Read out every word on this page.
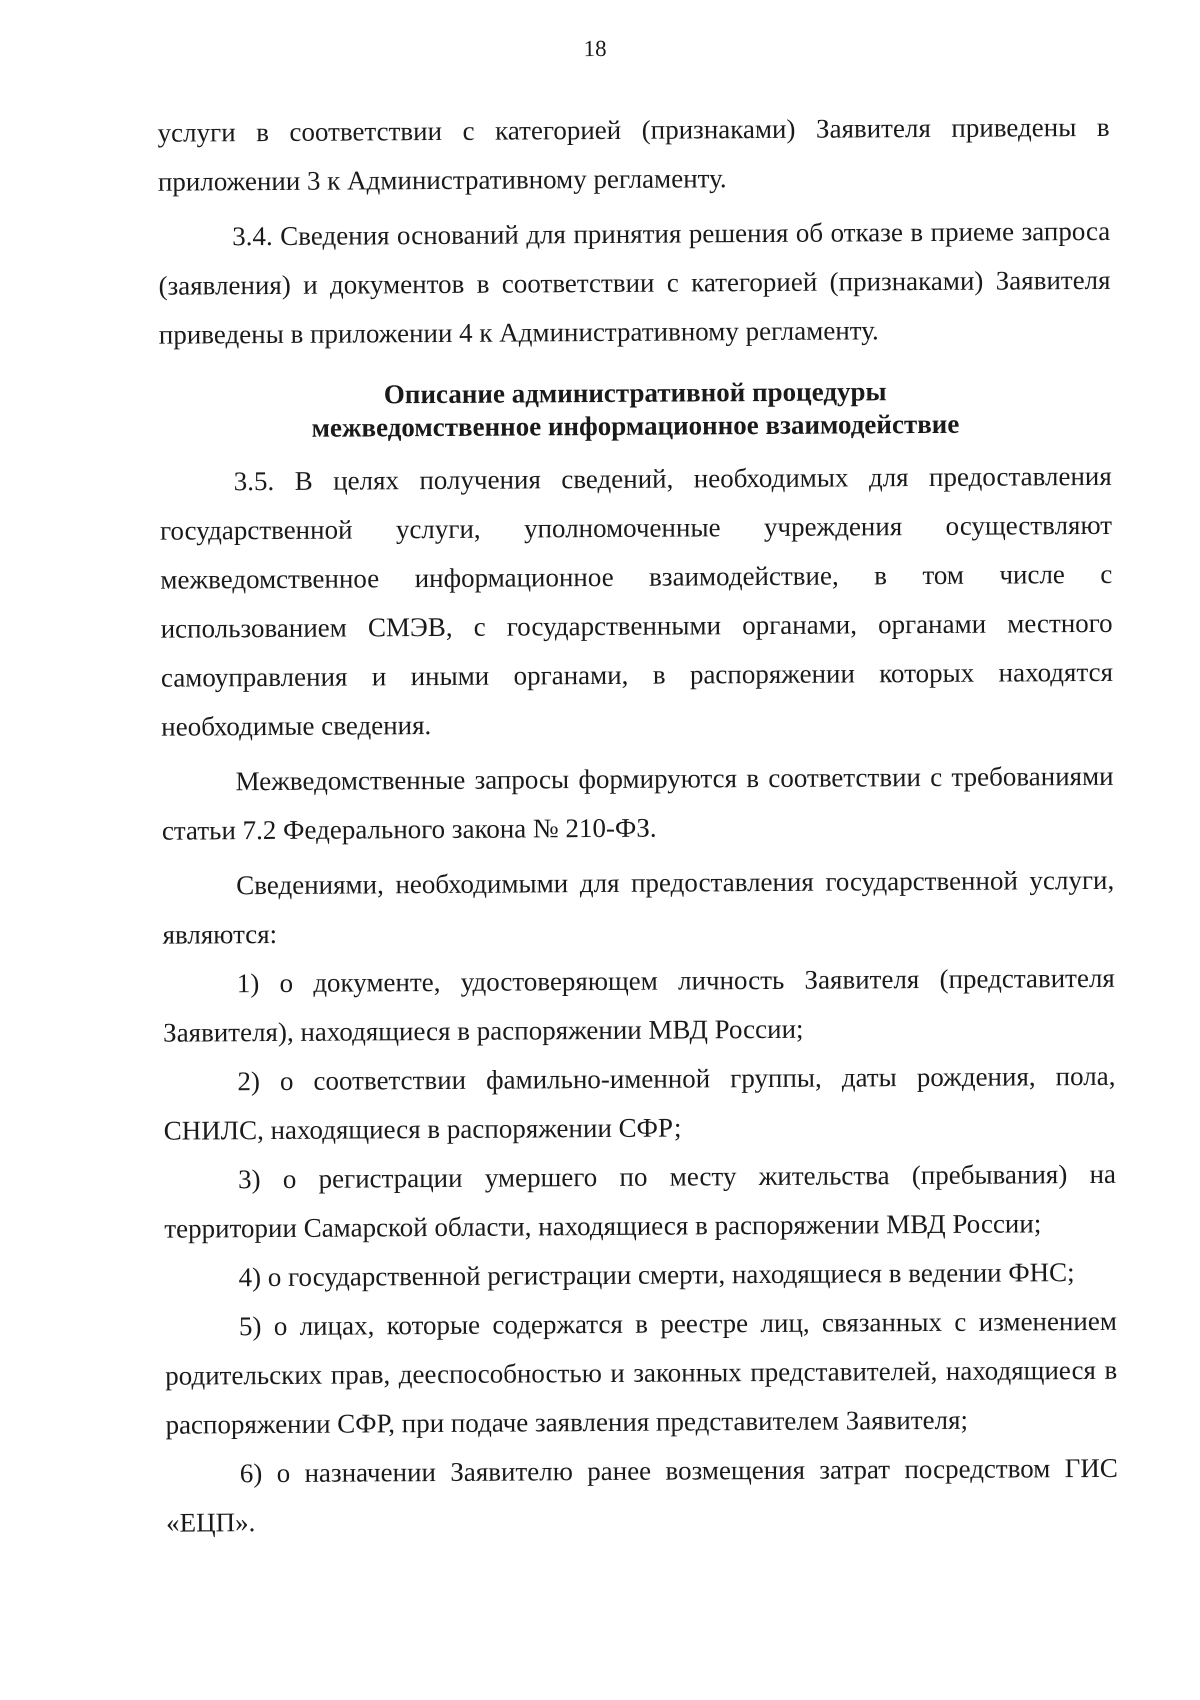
18

услуги в соответствии с категорией (признаками) Заявителя приведены в приложении 3 к Административному регламенту.

3.4. Сведения оснований для принятия решения об отказе в приеме запроса (заявления) и документов в соответствии с категорией (признаками) Заявителя приведены в приложении 4 к Административному регламенту.

Описание административной процедуры
межведомственное информационное взаимодействие

3.5. В целях получения сведений, необходимых для предоставления государственной услуги, уполномоченные учреждения осуществляют межведомственное информационное взаимодействие, в том числе с использованием СМЭВ, с государственными органами, органами местного самоуправления и иными органами, в распоряжении которых находятся необходимые сведения.

Межведомственные запросы формируются в соответствии с требованиями статьи 7.2 Федерального закона № 210-ФЗ.

Сведениями, необходимыми для предоставления государственной услуги, являются:

1) о документе, удостоверяющем личность Заявителя (представителя Заявителя), находящиеся в распоряжении МВД России;

2) о соответствии фамильно-именной группы, даты рождения, пола, СНИЛС, находящиеся в распоряжении СФР;

3) о регистрации умершего по месту жительства (пребывания) на территории Самарской области, находящиеся в распоряжении МВД России;

4) о государственной регистрации смерти, находящиеся в ведении ФНС;

5) о лицах, которые содержатся в реестре лиц, связанных с изменением родительских прав, дееспособностью и законных представителей, находящиеся в распоряжении СФР, при подаче заявления представителем Заявителя;

6) о назначении Заявителю ранее возмещения затрат посредством ГИС «ЕЦП».
